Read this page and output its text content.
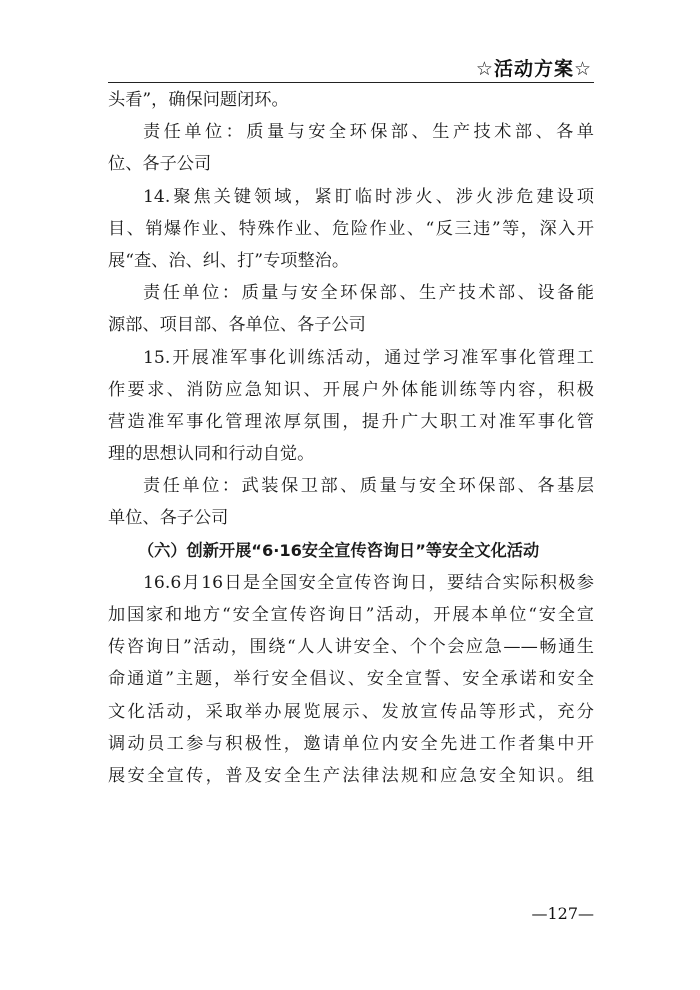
☆活动方案☆
头看”，确保问题闭环。
责任单位：质量与安全环保部、生产技术部、各单
位、各子公司
14.聚焦关键领域，紧盯临时涉火、涉火涉危建设项
目、销爆作业、特殊作业、危险作业、“反三违”等，深入开
展“查、治、纠、打”专项整治。
责任单位：质量与安全环保部、生产技术部、设备能
源部、项目部、各单位、各子公司
15.开展准军事化训练活动，通过学习准军事化管理工
作要求、消防应急知识、开展户外体能训练等内容，积极
营造准军事化管理浓厚氛围，提升广大职工对准军事化管
理的思想认同和行动自觉。
责任单位：武装保卫部、质量与安全环保部、各基层
单位、各子公司
（六）创新开展“6·16安全宣传咨询日”等安全文化活动
16.6月16日是全国安全宣传咨询日，要结合实际积极参
加国家和地方“安全宣传咨询日”活动，开展本单位“安全宣
传咨询日”活动，围绕“人人讲安全、个个会应急——畅通生
命通道”主题，举行安全倡议、安全宣誓、安全承诺和安全
文化活动，采取举办展览展示、发放宣传品等形式，充分
调动员工参与积极性，邀请单位内安全先进工作者集中开
展安全宣传，普及安全生产法律法规和应急安全知识。组
—127—
